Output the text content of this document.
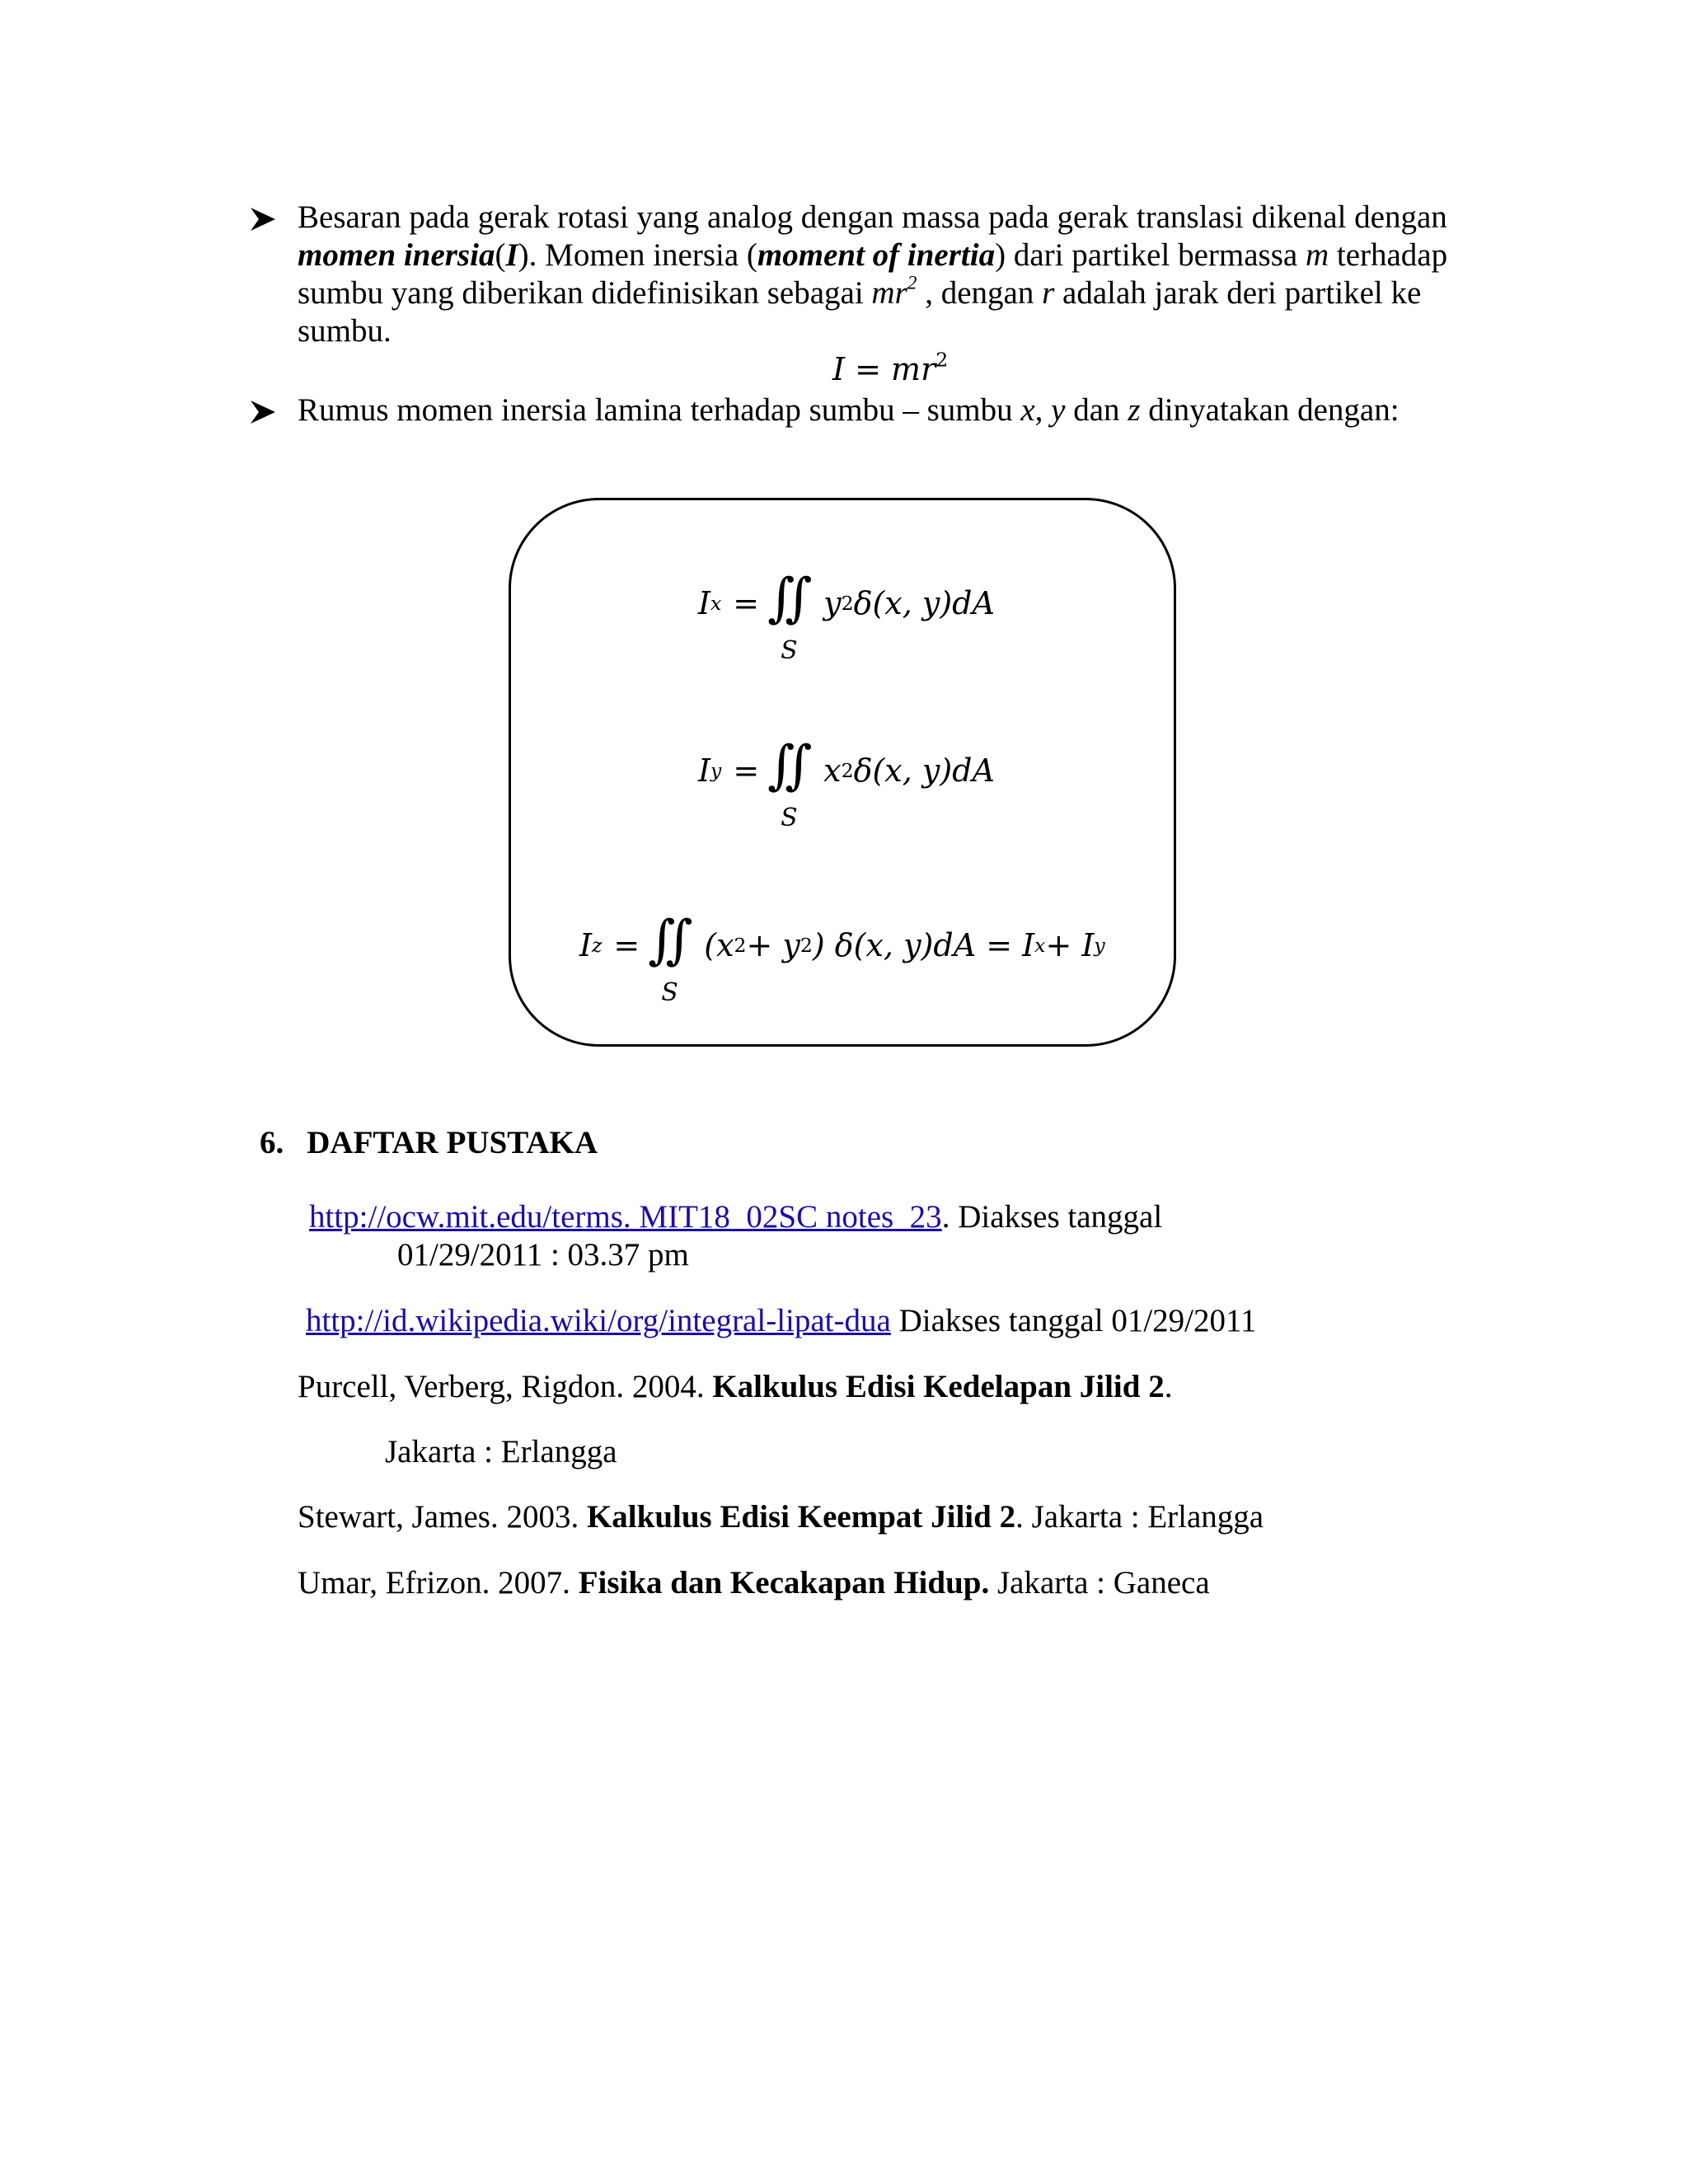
Besaran pada gerak rotasi yang analog dengan massa pada gerak translasi dikenal dengan
momen inersia(I). Momen inersia (moment of inertia) dari partikel bermassa m terhadap
sumbu yang diberikan didefinisikan sebagai $mr^2$ , dengan r adalah jarak deri partikel ke
sumbu.
$I = mr^2$
Rumus momen inersia lamina terhadap sumbu – sumbu x, y dan z dinyatakan dengan:
I x = ∬
S
y 2 δ(x, y)dA
I y = ∬
S
x 2 δ(x, y)dA
I z = ∬
S
(x 2 + y 2 ) δ(x, y)dA = I x + I y
6. DAFTAR PUSTAKA
http://ocw.mit.edu/terms. MIT18_02SC notes_23. Diakses tanggal
01/29/2011 : 03.37 pm
http://id.wikipedia.wiki/org/integral-lipat-dua Diakses tanggal 01/29/2011
Purcell, Verberg, Rigdon. 2004. Kalkulus Edisi Kedelapan Jilid 2.
Jakarta : Erlangga
Stewart, James. 2003. Kalkulus Edisi Keempat Jilid 2. Jakarta : Erlangga
Umar, Efrizon. 2007. Fisika dan Kecakapan Hidup. Jakarta : Ganeca
